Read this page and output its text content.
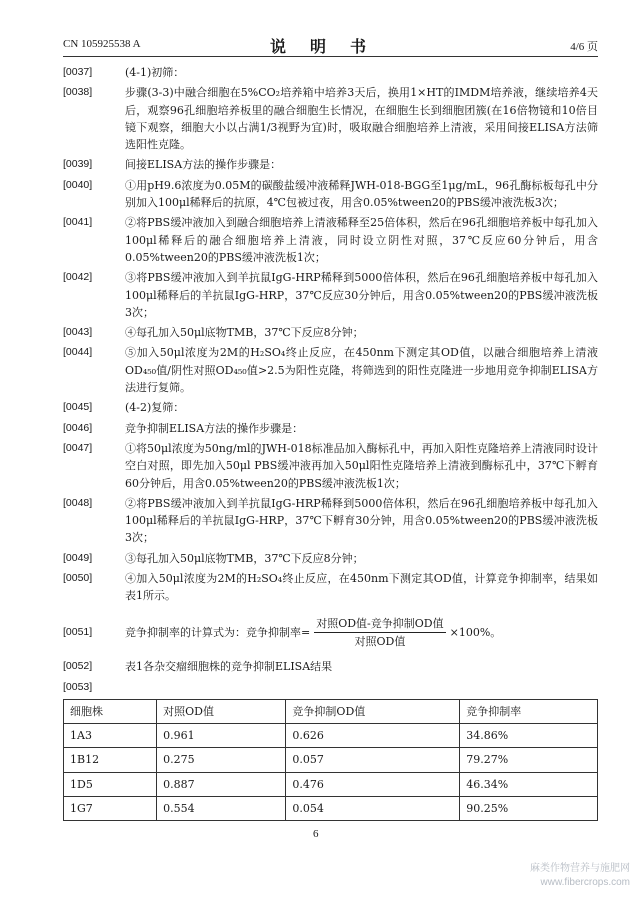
CN 105925538 A	说 明 书	4/6 页
[0037]	(4-1)初筛：
[0038]	步骤(3-3)中融合细胞在5%CO₂培养箱中培养3天后，换用1×HT的IMDM培养液，继续培养4天后，观察96孔细胞培养板里的融合细胞生长情况，在细胞生长到细胞团簇(在16倍物镜和10倍目镜下观察，细胞大小以占满1/3视野为宜)时，吸取融合细胞培养上清液，采用间接ELISA方法筛选阳性克隆。
[0039]	间接ELISA方法的操作步骤是：
[0040]	①用pH9.6浓度为0.05M的碳酸盐缓冲液稀释JWH-018-BGG至1μg/mL，96孔酶标板每孔中分别加入100μl稀释后的抗原，4℃包被过夜，用含0.05%tween20的PBS缓冲液洗板3次；
[0041]	②将PBS缓冲液加入到融合细胞培养上清液稀释至25倍体积，然后在96孔细胞培养板中每孔加入100μl稀释后的融合细胞培养上清液，同时设立阴性对照，37℃反应60分钟后，用含0.05%tween20的PBS缓冲液洗板1次；
[0042]	③将PBS缓冲液加入到羊抗鼠IgG-HRP稀释到5000倍体积，然后在96孔细胞培养板中每孔加入100μl稀释后的羊抗鼠IgG-HRP，37℃反应30分钟后，用含0.05%tween20的PBS缓冲液洗板3次；
[0043]	④每孔加入50μl底物TMB，37℃下反应8分钟；
[0044]	⑤加入50μl浓度为2M的H₂SO₄终止反应，在450nm下测定其OD值，以融合细胞培养上清液OD₄₅₀值/阴性对照OD₄₅₀值>2.5为阳性克隆，将筛选到的阳性克隆进一步地用竞争抑制ELISA方法进行复筛。
[0045]	(4-2)复筛：
[0046]	竞争抑制ELISA方法的操作步骤是：
[0047]	①将50μl浓度为50ng/ml的JWH-018标准品加入酶标孔中，再加入阳性克隆培养上清液同时设计空白对照，即先加入50μl PBS缓冲液再加入50μl阳性克隆培养上清液到酶标孔中，37℃下孵育60分钟后，用含0.05%tween20的PBS缓冲液洗板1次；
[0048]	②将PBS缓冲液加入到羊抗鼠IgG-HRP稀释到5000倍体积，然后在96孔细胞培养板中每孔加入100μl稀释后的羊抗鼠IgG-HRP，37℃下孵育30分钟，用含0.05%tween20的PBS缓冲液洗板3次；
[0049]	③每孔加入50μl底物TMB，37℃下反应8分钟；
[0050]	④加入50μl浓度为2M的H₂SO₄终止反应，在450nm下测定其OD值，计算竞争抑制率，结果如表1所示。
[0051]	竞争抑制率的计算式为：竞争抑制率= $\frac{\text{对照OD值-竞争抑制OD值}}{\text{对照OD值}} \times 100\%$。
[0052]	表1各杂交瘤细胞株的竞争抑制ELISA结果
[0053]
细胞株	对照OD值	竞争抑制OD值	竞争抑制率
1A3	0.961	0.626	34.86%
1B12	0.275	0.057	79.27%
1D5	0.887	0.476	46.34%
1G7	0.554	0.054	90.25%
6
麻类作物营养与施肥网
www.fibercrops.com
